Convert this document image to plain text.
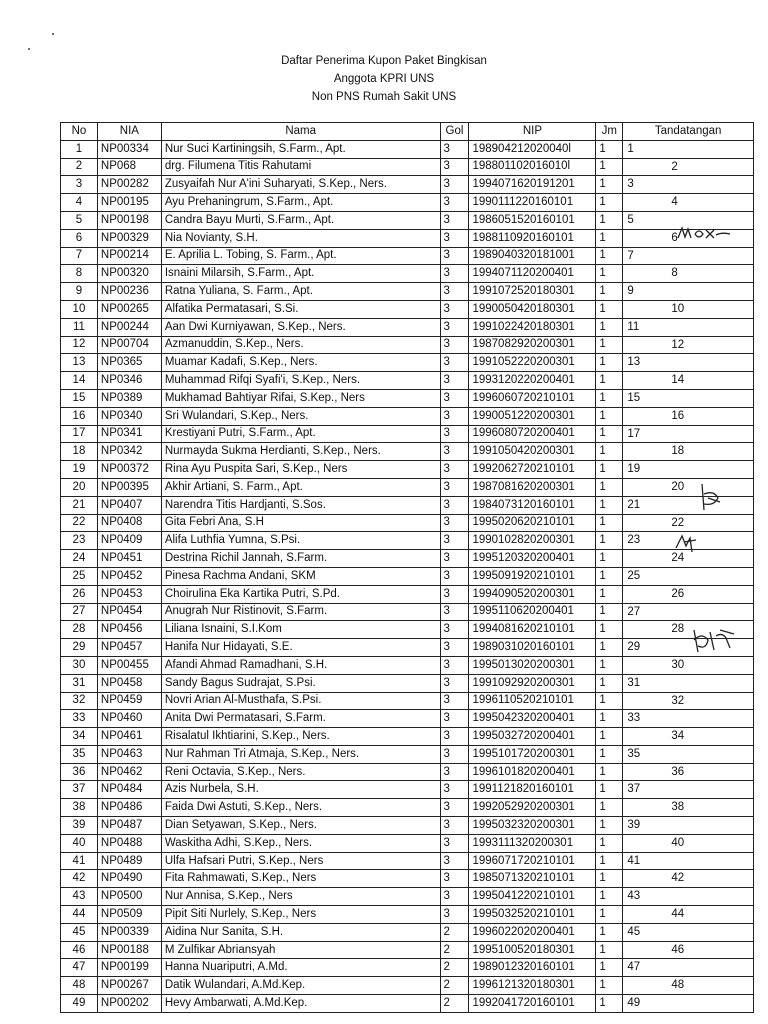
Daftar Penerima Kupon Paket Bingkisan
Anggota KPRI UNS
Non PNS Rumah Sakit UNS
No	NIA	Nama	Gol	NIP	Jm	Tandatangan
1	NP00334	Nur Suci Kartiningsih, S.Farm., Apt.	3	198904212020040l	1	1

2	NP068	drg. Filumena Titis Rahutami	3	198801102016010l	1	2

3	NP00282	Zusyaifah Nur A'ini Suharyati, S.Kep., Ners.	3	1994071620191201	1	3

4	NP00195	Ayu Prehaningrum, S.Farm., Apt.	3	1990111220160101	1	4

5	NP00198	Candra Bayu Murti, S.Farm., Apt.	3	1986051520160101	1	5

6	NP00329	Nia Novianty, S.H.	3	1988110920160101	1	6

7	NP00214	E. Aprilia L. Tobing, S. Farm., Apt.	3	1989040320181001	1	7

8	NP00320	Isnaini Milarsih, S.Farm., Apt.	3	1994071120200401	1	8

9	NP00236	Ratna Yuliana, S. Farm., Apt.	3	1991072520180301	1	9

10	NP00265	Alfatika Permatasari, S.Si.	3	1990050420180301	1	10

11	NP00244	Aan Dwi Kurniyawan, S.Kep., Ners.	3	1991022420180301	1	11

12	NP00704	Azmanuddin, S.Kep., Ners.	3	1987082920200301	1	12

13	NP0365	Muamar Kadafi, S.Kep., Ners.	3	1991052220200301	1	13

14	NP0346	Muhammad Rifqi Syafi'i, S.Kep., Ners.	3	1993120220200401	1	14

15	NP0389	Mukhamad Bahtiyar Rifai, S.Kep., Ners	3	1996060720210101	1	15

16	NP0340	Sri Wulandari, S.Kep., Ners.	3	1990051220200301	1	16

17	NP0341	Krestiyani Putri, S.Farm., Apt.	3	1996080720200401	1	17

18	NP0342	Nurmayda Sukma Herdianti, S.Kep., Ners.	3	1991050420200301	1	18

19	NP00372	Rina Ayu Puspita Sari, S.Kep., Ners	3	1992062720210101	1	19

20	NP00395	Akhir Artiani, S. Farm., Apt.	3	1987081620200301	1	20

21	NP0407	Narendra Titis Hardjanti, S.Sos.	3	1984073120160101	1	21

22	NP0408	Gita Febri Ana, S.H	3	1995020620210101	1	22

23	NP0409	Alifa Luthfia Yumna, S.Psi.	3	1990102820200301	1	23

24	NP0451	Destrina Richil Jannah, S.Farm.	3	1995120320200401	1	24

25	NP0452	Pinesa Rachma Andani, SKM	3	1995091920210101	1	25

26	NP0453	Choirulina Eka Kartika Putri, S.Pd.	3	1994090520200301	1	26

27	NP0454	Anugrah Nur Ristinovit, S.Farm.	3	1995110620200401	1	27

28	NP0456	Liliana Isnaini, S.I.Kom	3	1994081620210101	1	28

29	NP0457	Hanifa Nur Hidayati, S.E.	3	1989031020160101	1	29

30	NP00455	Afandi Ahmad Ramadhani, S.H.	3	1995013020200301	1	30

31	NP0458	Sandy Bagus Sudrajat, S.Psi.	3	1991092920200301	1	31

32	NP0459	Novri Arian Al-Musthafa, S.Psi.	3	1996110520210101	1	32

33	NP0460	Anita Dwi Permatasari, S.Farm.	3	1995042320200401	1	33

34	NP0461	Risalatul Ikhtiarini, S.Kep., Ners.	3	1995032720200401	1	34

35	NP0463	Nur Rahman Tri Atmaja, S.Kep., Ners.	3	1995101720200301	1	35

36	NP0462	Reni Octavia, S.Kep., Ners.	3	1996101820200401	1	36

37	NP0484	Azis Nurbela, S.H.	3	1991121820160101	1	37

38	NP0486	Faida Dwi Astuti, S.Kep., Ners.	3	1992052920200301	1	38

39	NP0487	Dian Setyawan, S.Kep., Ners.	3	1995032320200301	1	39

40	NP0488	Waskitha Adhi, S.Kep., Ners.	3	1993111320200301	1	40

41	NP0489	Ulfa Hafsari Putri, S.Kep., Ners	3	1996071720210101	1	41

42	NP0490	Fita Rahmawati, S.Kep., Ners	3	1985071320210101	1	42

43	NP0500	Nur Annisa, S.Kep., Ners	3	1995041220210101	1	43

44	NP0509	Pipit Siti Nurlely, S.Kep., Ners	3	1995032520210101	1	44

45	NP00339	Aidina Nur Sanita, S.H.	2	1996022020200401	1	45

46	NP00188	M Zulfikar Abriansyah	2	1995100520180301	1	46

47	NP00199	Hanna Nuariputri, A.Md.	2	1989012320160101	1	47

48	NP00267	Datik Wulandari, A.Md.Kep.	2	1996121320180301	1	48

49	NP00202	Hevy Ambarwati, A.Md.Kep.	2	1992041720160101	1	49
